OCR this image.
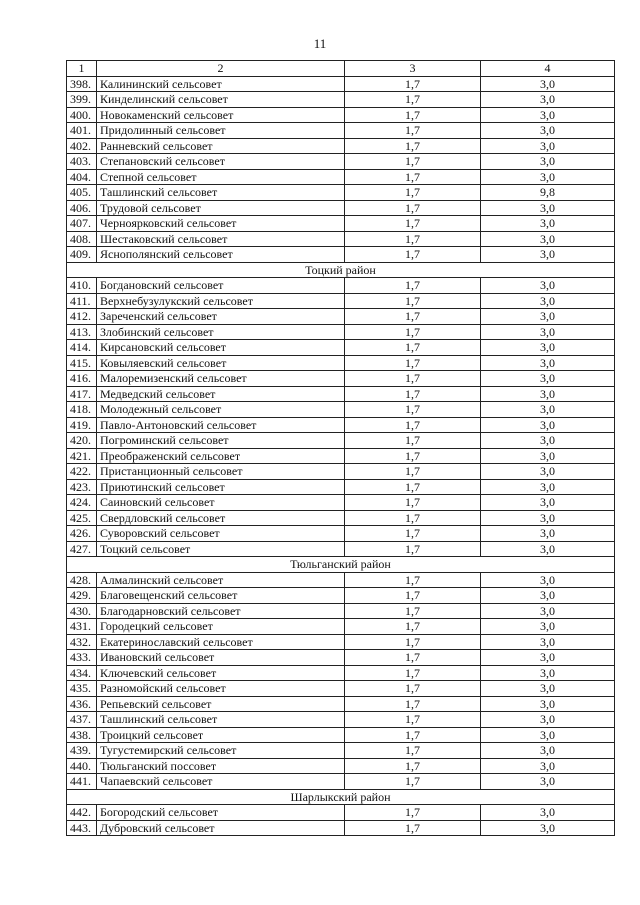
11
1	2	3	4
398.	Калининский сельсовет	1,7	3,0
399.	Кинделинский сельсовет	1,7	3,0
400.	Новокаменский сельсовет	1,7	3,0
401.	Придолинный сельсовет	1,7	3,0
402.	Ранневский сельсовет	1,7	3,0
403.	Степановский сельсовет	1,7	3,0
404.	Степной сельсовет	1,7	3,0
405.	Ташлинский сельсовет	1,7	9,8
406.	Трудовой сельсовет	1,7	3,0
407.	Черноярковский сельсовет	1,7	3,0
408.	Шестаковский сельсовет	1,7	3,0
409.	Яснополянский сельсовет	1,7	3,0
Тоцкий район			
410.	Богдановский сельсовет	1,7	3,0
411.	Верхнебузулукский сельсовет	1,7	3,0
412.	Зареченский сельсовет	1,7	3,0
413.	Злобинский сельсовет	1,7	3,0
414.	Кирсановский сельсовет	1,7	3,0
415.	Ковыляевский сельсовет	1,7	3,0
416.	Малоремизенский сельсовет	1,7	3,0
417.	Медведский сельсовет	1,7	3,0
418.	Молодежный сельсовет	1,7	3,0
419.	Павло-Антоновский сельсовет	1,7	3,0
420.	Погроминский сельсовет	1,7	3,0
421.	Преображенский сельсовет	1,7	3,0
422.	Пристанционный сельсовет	1,7	3,0
423.	Приютинский сельсовет	1,7	3,0
424.	Саиновский сельсовет	1,7	3,0
425.	Свердловский сельсовет	1,7	3,0
426.	Суворовский сельсовет	1,7	3,0
427.	Тоцкий сельсовет	1,7	3,0
Тюльганский район			
428.	Алмалинский сельсовет	1,7	3,0
429.	Благовещенский сельсовет	1,7	3,0
430.	Благодарновский сельсовет	1,7	3,0
431.	Городецкий сельсовет	1,7	3,0
432.	Екатеринославский сельсовет	1,7	3,0
433.	Ивановский сельсовет	1,7	3,0
434.	Ключевский сельсовет	1,7	3,0
435.	Разномойский сельсовет	1,7	3,0
436.	Репьевский сельсовет	1,7	3,0
437.	Ташлинский сельсовет	1,7	3,0
438.	Троицкий сельсовет	1,7	3,0
439.	Тугустемирский сельсовет	1,7	3,0
440.	Тюльганский поссовет	1,7	3,0
441.	Чапаевский сельсовет	1,7	3,0
Шарлыкский район			
442.	Богородский сельсовет	1,7	3,0
443.	Дубровский сельсовет	1,7	3,0
